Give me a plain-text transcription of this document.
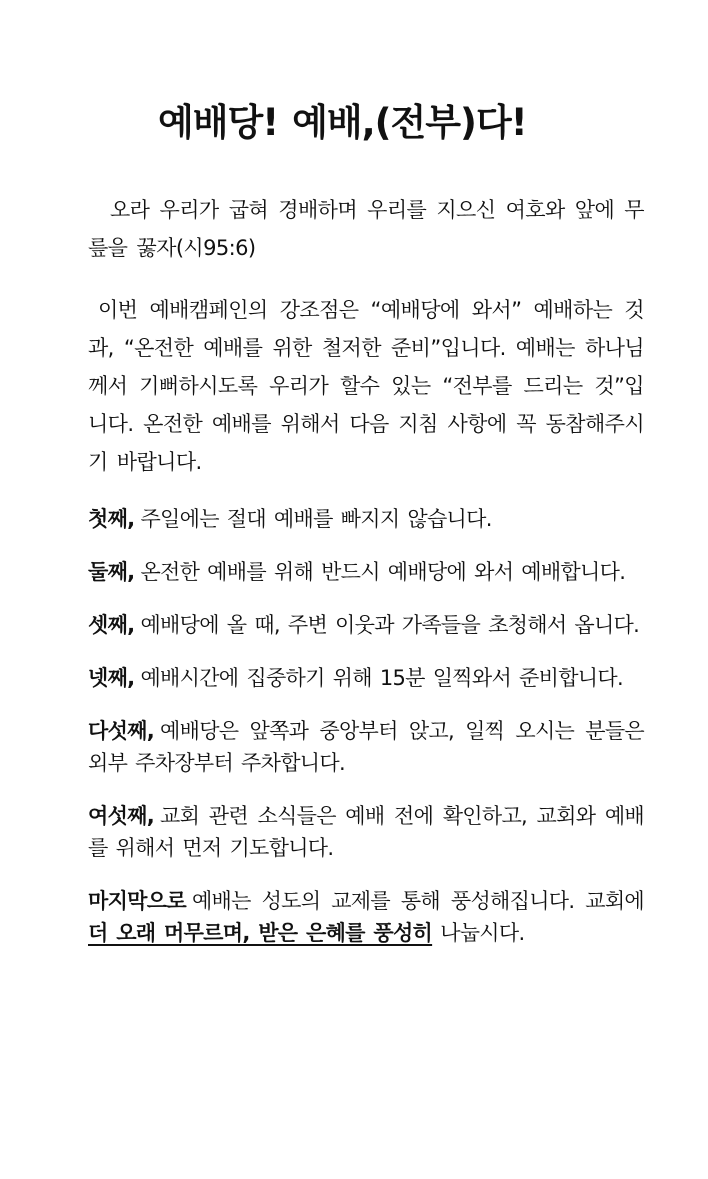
예배당! 예배,(전부)다!

오라 우리가 굽혀 경배하며 우리를 지으신 여호와 앞에 무릎을 꿇자(시95:6)

이번 예배캠페인의 강조점은 “예배당에 와서” 예배하는 것과, “온전한 예배를 위한 철저한 준비”입니다. 예배는 하나님께서 기뻐하시도록 우리가 할수 있는 “전부를 드리는 것”입니다. 온전한 예배를 위해서 다음 지침 사항에 꼭 동참해주시기 바랍니다.

첫째, 주일에는 절대 예배를 빠지지 않습니다.

둘째, 온전한 예배를 위해 반드시 예배당에 와서 예배합니다.

셋째, 예배당에 올 때, 주변 이웃과 가족들을 초청해서 옵니다.

넷째, 예배시간에 집중하기 위해 15분 일찍와서 준비합니다.

다섯째, 예배당은 앞쪽과 중앙부터 앉고, 일찍 오시는 분들은 외부 주차장부터 주차합니다.

여섯째, 교회 관련 소식들은 예배 전에 확인하고, 교회와 예배를 위해서 먼저 기도합니다.

마지막으로 예배는 성도의 교제를 통해 풍성해집니다. 교회에 더 오래 머무르며, 받은 은혜를 풍성히 나눕시다.
